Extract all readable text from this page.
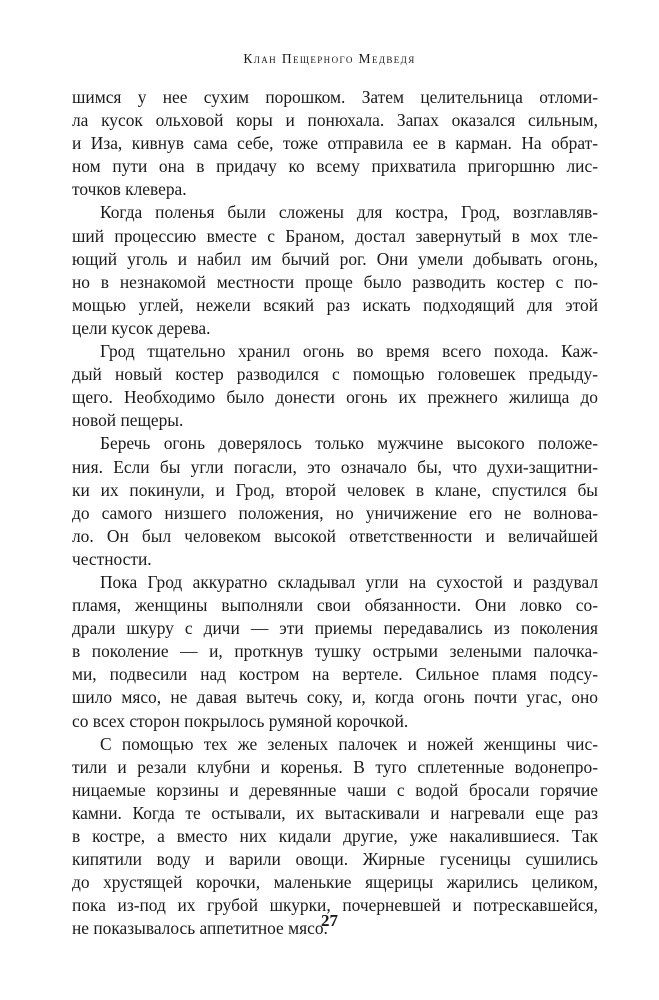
Клан Пещерного Медведя
шимся у нее сухим порошком. Затем целительница отломи-
ла кусок ольховой коры и понюхала. Запах оказался сильным,
и Иза, кивнув сама себе, тоже отправила ее в карман. На обрат-
ном пути она в придачу ко всему прихватила пригоршню лис-
точков клевера.
Когда поленья были сложены для костра, Грод, возглавляв-
ший процессию вместе с Браном, достал завернутый в мох тле-
ющий уголь и набил им бычий рог. Они умели добывать огонь,
но в незнакомой местности проще было разводить костер с по-
мощью углей, нежели всякий раз искать подходящий для этой
цели кусок дерева.
Грод тщательно хранил огонь во время всего похода. Каж-
дый новый костер разводился с помощью головешек предыду-
щего. Необходимо было донести огонь их прежнего жилища до
новой пещеры.
Беречь огонь доверялось только мужчине высокого положе-
ния. Если бы угли погасли, это означало бы, что духи-защитни-
ки их покинули, и Грод, второй человек в клане, спустился бы
до самого низшего положения, но уничижение его не волнова-
ло. Он был человеком высокой ответственности и величайшей
честности.
Пока Грод аккуратно складывал угли на сухостой и раздувал
пламя, женщины выполняли свои обязанности. Они ловко со-
драли шкуру с дичи — эти приемы передавались из поколения
в поколение — и, проткнув тушку острыми зелеными палочка-
ми, подвесили над костром на вертеле. Сильное пламя подсу-
шило мясо, не давая вытечь соку, и, когда огонь почти угас, оно
со всех сторон покрылось румяной корочкой.
С помощью тех же зеленых палочек и ножей женщины чис-
тили и резали клубни и коренья. В туго сплетенные водонепро-
ницаемые корзины и деревянные чаши с водой бросали горячие
камни. Когда те остывали, их вытаскивали и нагревали еще раз
в костре, а вместо них кидали другие, уже накалившиеся. Так
кипятили воду и варили овощи. Жирные гусеницы сушились
до хрустящей корочки, маленькие ящерицы жарились целиком,
пока из-под их грубой шкурки, почерневшей и потрескавшейся,
не показывалось аппетитное мясо.
27
